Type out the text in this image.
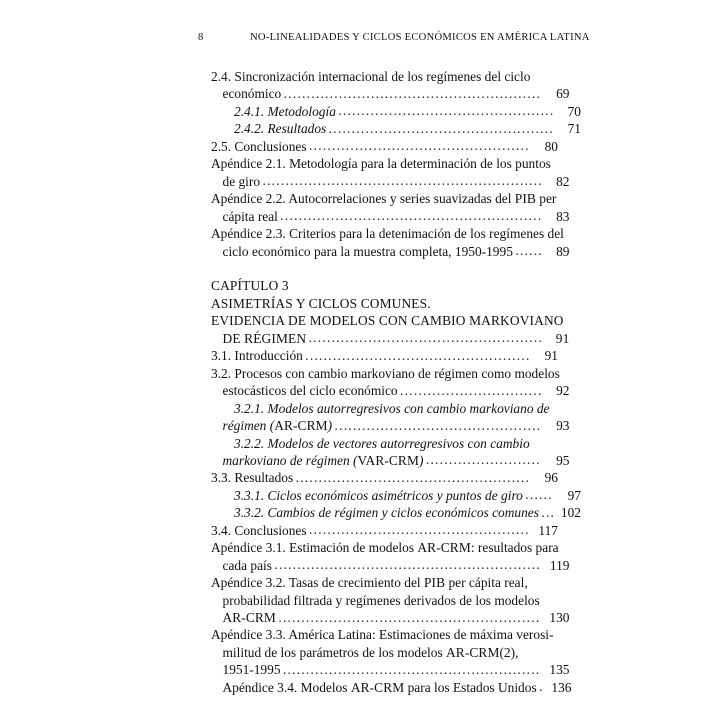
8	NO-LINEALIDADES Y CICLOS ECONÓMICOS EN AMÉRICA LATINA
2.4. Sincronización internacional de los regímenes del ciclo
económico .....	69
2.4.1. Metodología .....	70
2.4.2. Resultados .....	71
2.5. Conclusiones .....	80
Apéndice 2.1. Metodología para la determinación de los puntos
de giro .....	82
Apéndice 2.2. Autocorrelaciones y series suavizadas del PIB per
cápita real .....	83
Apéndice 2.3. Criterios para la detenimación de los regímenes del
ciclo económico para la muestra completa, 1950-1995 .....	89
CAPÍTULO 3
ASIMETRÍAS Y CICLOS COMUNES.
EVIDENCIA DE MODELOS CON CAMBIO MARKOVIANO
DE RÉGIMEN .....	91
3.1. Introducción .....	91
3.2. Procesos con cambio markoviano de régimen como modelos
estocásticos del ciclo económico .....	92
3.2.1. Modelos autorregresivos con cambio markoviano de
régimen (AR-CRM) .....	93
3.2.2. Modelos de vectores autorregresivos con cambio
markoviano de régimen (VAR-CRM) .....	95
3.3. Resultados .....	96
3.3.1. Ciclos económicos asimétricos y puntos de giro .....	97
3.3.2. Cambios de régimen y ciclos económicos comunes .....	102
3.4. Conclusiones .....	117
Apéndice 3.1. Estimación de modelos AR-CRM: resultados para
cada país .....	119
Apéndice 3.2. Tasas de crecimiento del PIB per cápita real,
probabilidad filtrada y regímenes derivados de los modelos
AR-CRM .....	130
Apéndice 3.3. América Latina: Estimaciones de máxima verosi-
militud de los parámetros de los modelos AR-CRM(2),
1951-1995 .....	135
Apéndice 3.4. Modelos AR-CRM para los Estados Unidos .....	136
